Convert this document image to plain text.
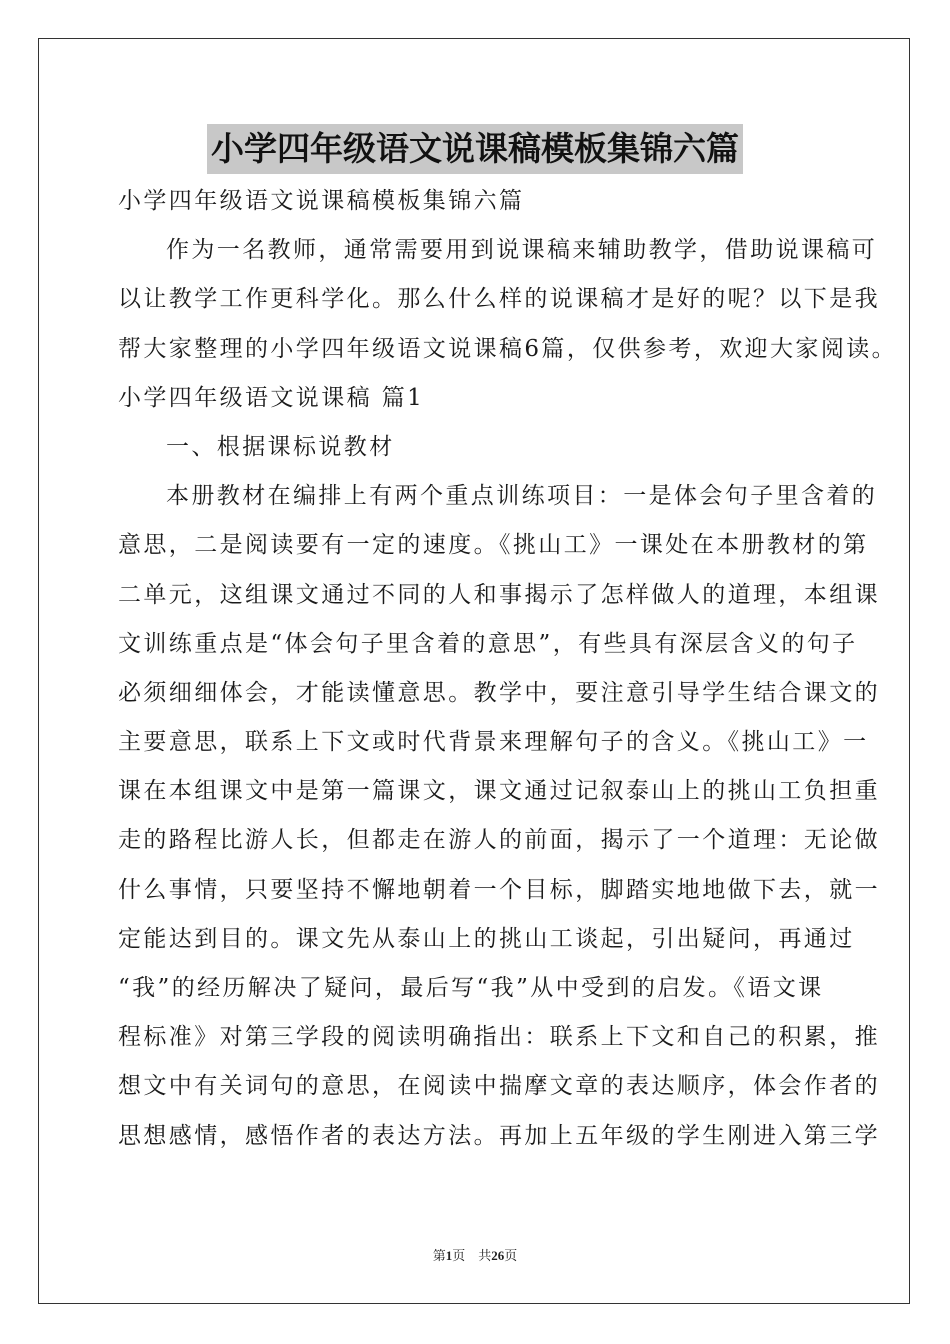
小学四年级语文说课稿模板集锦六篇
小学四年级语文说课稿模板集锦六篇
作为一名教师，通常需要用到说课稿来辅助教学，借助说课稿可
以让教学工作更科学化。那么什么样的说课稿才是好的呢？以下是我
帮大家整理的小学四年级语文说课稿6篇，仅供参考，欢迎大家阅读。
小学四年级语文说课稿 篇1
一、根据课标说教材
本册教材在编排上有两个重点训练项目：一是体会句子里含着的
意思，二是阅读要有一定的速度。《挑山工》一课处在本册教材的第
二单元，这组课文通过不同的人和事揭示了怎样做人的道理，本组课
文训练重点是“体会句子里含着的意思”，有些具有深层含义的句子
必须细细体会，才能读懂意思。教学中，要注意引导学生结合课文的
主要意思，联系上下文或时代背景来理解句子的含义。《挑山工》一
课在本组课文中是第一篇课文，课文通过记叙泰山上的挑山工负担重
走的路程比游人长，但都走在游人的前面，揭示了一个道理：无论做
什么事情，只要坚持不懈地朝着一个目标，脚踏实地地做下去，就一
定能达到目的。课文先从泰山上的挑山工谈起，引出疑问，再通过
“我”的经历解决了疑问，最后写“我”从中受到的启发。《语文课
程标准》对第三学段的阅读明确指出：联系上下文和自己的积累，推
想文中有关词句的意思，在阅读中揣摩文章的表达顺序，体会作者的
思想感情，感悟作者的表达方法。再加上五年级的学生刚进入第三学
第1页 共26页
